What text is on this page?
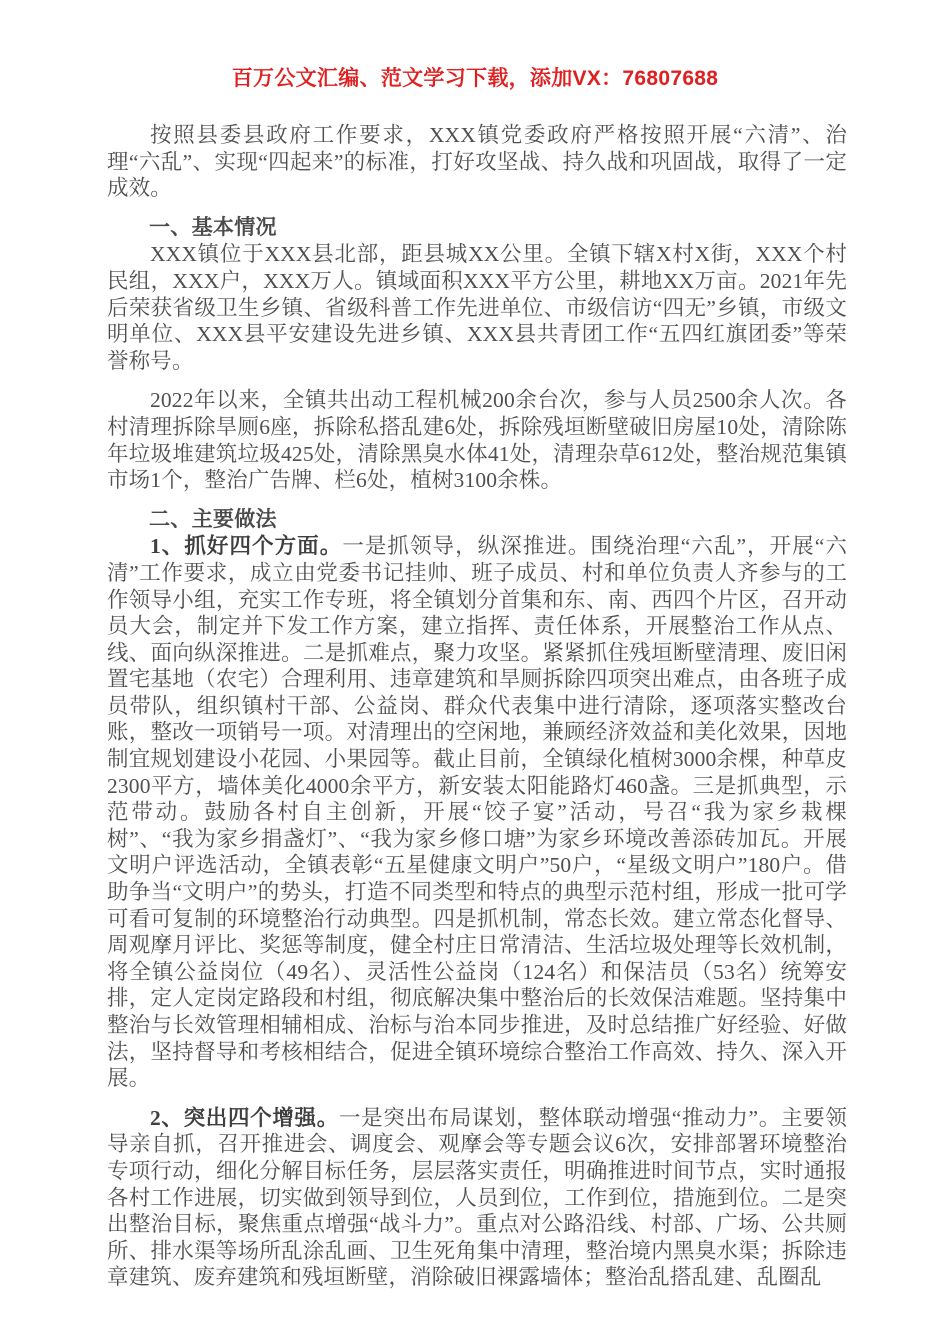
百万公文汇编、范文学习下载，添加VX：76807688

按照县委县政府工作要求，XXX镇党委政府严格按照开展“六清”、治理“六乱”、实现“四起来”的标准，打好攻坚战、持久战和巩固战，取得了一定成效。

一、基本情况

XXX镇位于XXX县北部，距县城XX公里。全镇下辖X村X街，XXX个村民组，XXX户，XXX万人。镇域面积XXX平方公里，耕地XX万亩。2021年先后荣获省级卫生乡镇、省级科普工作先进单位、市级信访“四无”乡镇，市级文明单位、XXX县平安建设先进乡镇、XXX县共青团工作“五四红旗团委”等荣誉称号。

2022年以来，全镇共出动工程机械200余台次，参与人员2500余人次。各村清理拆除旱厕6座，拆除私搭乱建6处，拆除残垣断壁破旧房屋10处，清除陈年垃圾堆建筑垃圾425处，清除黑臭水体41处，清理杂草612处，整治规范集镇市场1个，整治广告牌、栏6处，植树3100余株。

二、主要做法

1、抓好四个方面。一是抓领导，纵深推进。围绕治理“六乱”，开展“六清”工作要求，成立由党委书记挂帅、班子成员、村和单位负责人齐参与的工作领导小组，充实工作专班，将全镇划分首集和东、南、西四个片区，召开动员大会，制定并下发工作方案，建立指挥、责任体系，开展整治工作从点、线、面向纵深推进。二是抓难点，聚力攻坚。紧紧抓住残垣断壁清理、废旧闲置宅基地（农宅）合理利用、违章建筑和旱厕拆除四项突出难点，由各班子成员带队，组织镇村干部、公益岗、群众代表集中进行清除，逐项落实整改台账，整改一项销号一项。对清理出的空闲地，兼顾经济效益和美化效果，因地制宜规划建设小花园、小果园等。截止目前，全镇绿化植树3000余棵，种草皮2300平方，墙体美化4000余平方，新安装太阳能路灯460盏。三是抓典型，示范带动。鼓励各村自主创新，开展“饺子宴”活动，号召“我为家乡栽棵树”、“我为家乡捐盏灯”、“我为家乡修口塘”为家乡环境改善添砖加瓦。开展文明户评选活动，全镇表彰“五星健康文明户”50户，“星级文明户”180户。借助争当“文明户”的势头，打造不同类型和特点的典型示范村组，形成一批可学可看可复制的环境整治行动典型。四是抓机制，常态长效。建立常态化督导、周观摩月评比、奖惩等制度，健全村庄日常清洁、生活垃圾处理等长效机制，将全镇公益岗位（49名）、灵活性公益岗（124名）和保洁员（53名）统筹安排，定人定岗定路段和村组，彻底解决集中整治后的长效保洁难题。坚持集中整治与长效管理相辅相成、治标与治本同步推进，及时总结推广好经验、好做法，坚持督导和考核相结合，促进全镇环境综合整治工作高效、持久、深入开展。

2、突出四个增强。一是突出布局谋划，整体联动增强“推动力”。主要领导亲自抓，召开推进会、调度会、观摩会等专题会议6次，安排部署环境整治专项行动，细化分解目标任务，层层落实责任，明确推进时间节点，实时通报各村工作进展，切实做到领导到位，人员到位，工作到位，措施到位。二是突出整治目标，聚焦重点增强“战斗力”。重点对公路沿线、村部、广场、公共厕所、排水渠等场所乱涂乱画、卫生死角集中清理，整治境内黑臭水渠；拆除违章建筑、废弃建筑和残垣断壁，消除破旧裸露墙体；整治乱搭乱建、乱圈乱
